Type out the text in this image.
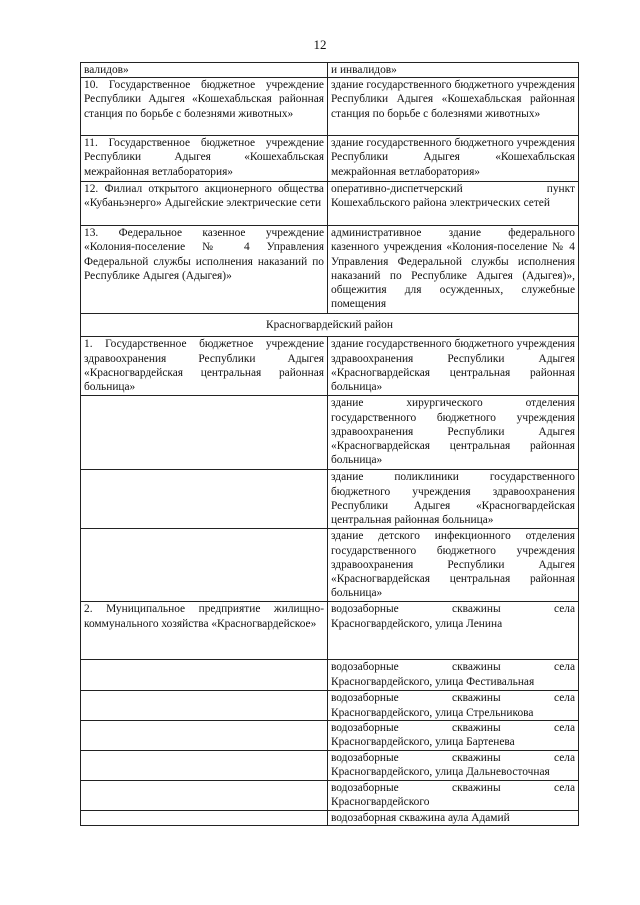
12
валидов»	и инвалидов»
10. Государственное бюджетное учреждение Республики Адыгея «Кошехабльская районная станция по борьбе с болезнями животных»	здание государственного бюджетного учреждения Республики Адыгея «Кошехабльская районная станция по борьбе с болезнями животных»
11. Государственное бюджетное учреждение Республики Адыгея «Кошехабльская межрайонная ветлаборатория»	здание государственного бюджетного учреждения Республики Адыгея «Кошехабльская межрайонная ветлаборатория»
12. Филиал открытого акционерного общества «Кубаньэнерго» Адыгейские электрические сети	оперативно-диспетчерский пункт Кошехабльского района электрических сетей
13. Федеральное казенное учреждение «Колония-поселение № 4 Управления Федеральной службы исполнения наказаний по Республике Адыгея (Адыгея)»	административное здание федерального казенного учреждения «Колония-поселение № 4 Управления Федеральной службы исполнения наказаний по Республике Адыгея (Адыгея)», общежития для осужденных, служебные помещения
Красногвардейский район	
1. Государственное бюджетное учреждение здравоохранения Республики Адыгея «Красногвардейская центральная районная больница»	здание государственного бюджетного учреждения здравоохранения Республики Адыгея «Красногвардейская центральная районная больница»
	здание хирургического отделения государственного бюджетного учреждения здравоохранения Республики Адыгея «Красногвардейская центральная районная больница»
	здание поликлиники государственного бюджетного учреждения здравоохранения Республики Адыгея «Красногвардейская центральная районная больница»
	здание детского инфекционного отделения государственного бюджетного учреждения здравоохранения Республики Адыгея «Красногвардейская центральная районная больница»
2. Муниципальное предприятие жилищно-коммунального хозяйства «Красногвардейское»	водозаборные скважины села Красногвардейского, улица Ленина
	водозаборные скважины села Красногвардейского, улица Фестивальная
	водозаборные скважины села Красногвардейского, улица Стрельникова
	водозаборные скважины села Красногвардейского, улица Бартенева
	водозаборные скважины села Красногвардейского, улица Дальневосточная
	водозаборные скважины села Красногвардейского
	водозаборная скважина аула Адамий
